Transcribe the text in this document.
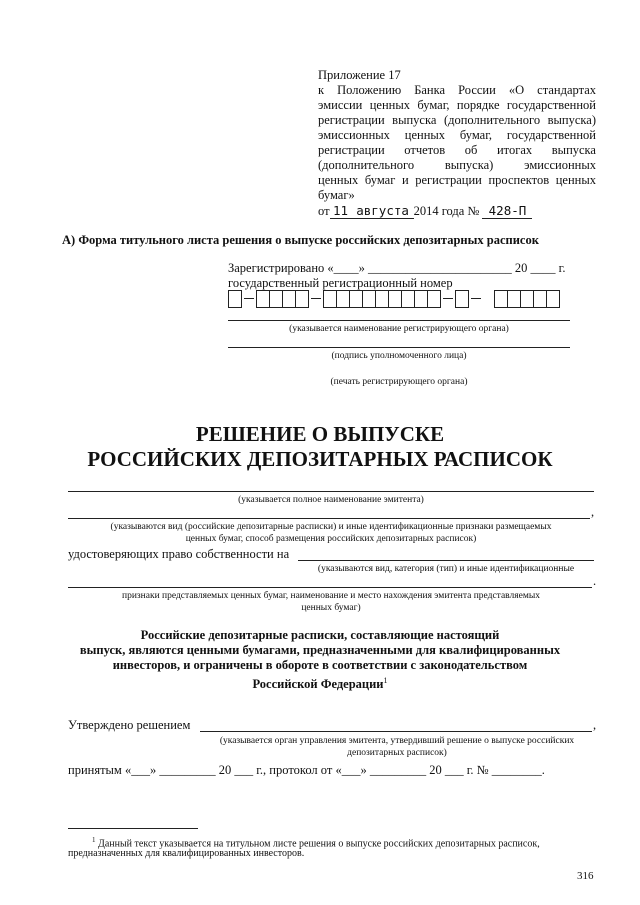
Приложение 17
к Положению Банка России «О стандартах
эмиссии ценных бумаг, порядке государственной
регистрации выпуска (дополнительного выпуска)
эмиссионных ценных бумаг, государственной
регистрации отчетов об итогах выпуска
(дополнительного выпуска) эмиссионных
ценных бумаг и регистрации проспектов ценных
бумаг»
от 11 августа 2014 года № 428-П
А) Форма титульного листа решения о выпуске российских депозитарных расписок
Зарегистрировано «____» _______________________ 20 ____ г.
государственный регистрационный номер
(указывается наименование регистрирующего органа)
(подпись уполномоченного лица)
(печать регистрирующего органа)
РЕШЕНИЕ О ВЫПУСКЕ
РОССИЙСКИХ ДЕПОЗИТАРНЫХ РАСПИСОК
(указывается полное наименование эмитента)
,
(указываются вид (российские депозитарные расписки) и иные идентификационные признаки размещаемых
ценных бумаг, способ размещения российских депозитарных расписок)
удостоверяющих право собственности на
(указываются вид, категория (тип) и иные идентификационные
.
признаки представляемых ценных бумаг, наименование и место нахождения эмитента представляемых
ценных бумаг)
Российские депозитарные расписки, составляющие настоящий
выпуск, являются ценными бумагами, предназначенными для квалифицированных
инвесторов, и ограничены в обороте в соответствии с законодательством
Российской Федерации$^1$
Утверждено решением	,
(указывается орган управления эмитента, утвердивший решение о выпуске российских
депозитарных расписок)
принятым «___» _________ 20 ___ г., протокол от «___» _________ 20 ___ г. № ________.
$^1$ Данный текст указывается на титульном листе решения о выпуске российских депозитарных расписок,
предназначенных для квалифицированных инвесторов.
316
